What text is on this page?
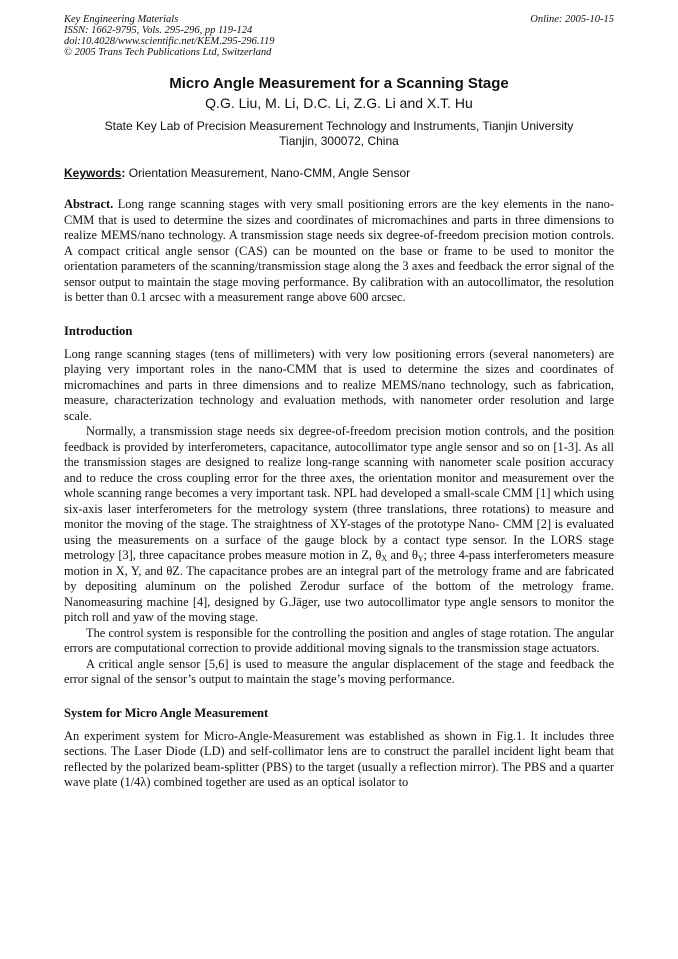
Key Engineering Materials	Online: 2005-10-15
ISSN: 1662-9795, Vols. 295-296, pp 119-124
doi:10.4028/www.scientific.net/KEM.295-296.119
© 2005 Trans Tech Publications Ltd, Switzerland
Micro Angle Measurement for a Scanning Stage
Q.G. Liu, M. Li, D.C. Li, Z.G. Li and X.T. Hu
State Key Lab of Precision Measurement Technology and Instruments, Tianjin University
Tianjin, 300072, China
Keywords: Orientation Measurement, Nano-CMM, Angle Sensor

Abstract. Long range scanning stages with very small positioning errors are the key elements in the nano-CMM that is used to determine the sizes and coordinates of micromachines and parts in three dimensions to realize MEMS/nano technology. A transmission stage needs six degree-of-freedom precision motion controls. A compact critical angle sensor (CAS) can be mounted on the base or frame to be used to monitor the orientation parameters of the scanning/transmission stage along the 3 axes and feedback the error signal of the sensor output to maintain the stage moving performance. By calibration with an autocollimator, the resolution is better than 0.1 arcsec with a measurement range above 600 arcsec.

Introduction

Long range scanning stages (tens of millimeters) with very low positioning errors (several nanometers) are playing very important roles in the nano-CMM that is used to determine the sizes and coordinates of micromachines and parts in three dimensions and to realize MEMS/nano technology, such as fabrication, measure, characterization technology and evaluation methods, with nanometer order resolution and large scale.

Normally, a transmission stage needs six degree-of-freedom precision motion controls, and the position feedback is provided by interferometers, capacitance, autocollimator type angle sensor and so on [1-3]. As all the transmission stages are designed to realize long-range scanning with nanometer scale position accuracy and to reduce the cross coupling error for the three axes, the orientation monitor and measurement over the whole scanning range becomes a very important task. NPL had developed a small-scale CMM [1] which using six-axis laser interferometers for the metrology system (three translations, three rotations) to measure and monitor the moving of the stage. The straightness of XY-stages of the prototype Nano- CMM [2] is evaluated using the measurements on a surface of the gauge block by a contact type sensor. In the LORS stage metrology [3], three capacitance probes measure motion in Z, $\theta_X$ and $\theta_Y$; three 4-pass interferometers measure motion in X, Y, and θZ. The capacitance probes are an integral part of the metrology frame and are fabricated by depositing aluminum on the polished Zerodur surface of the bottom of the metrology frame. Nanomeasuring machine [4], designed by G.Jäger, use two autocollimator type angle sensors to monitor the pitch roll and yaw of the moving stage.

The control system is responsible for the controlling the position and angles of stage rotation. The angular errors are computational correction to provide additional moving signals to the transmission stage actuators.

A critical angle sensor [5,6] is used to measure the angular displacement of the stage and feedback the error signal of the sensor’s output to maintain the stage’s moving performance.

System for Micro Angle Measurement

An experiment system for Micro-Angle-Measurement was established as shown in Fig.1. It includes three sections. The Laser Diode (LD) and self-collimator lens are to construct the parallel incident light beam that reflected by the polarized beam-splitter (PBS) to the target (usually a reflection mirror). The PBS and a quarter wave plate (1/4λ) combined together are used as an optical isolator to
